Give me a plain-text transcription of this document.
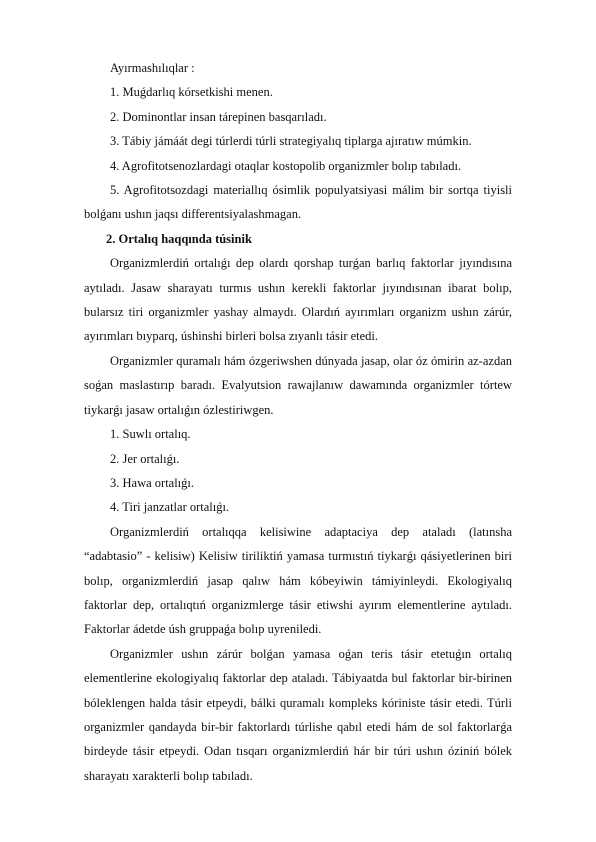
Ayırmashılıqlar :
1. Muǵdarlıq kórsetkishi menen.
2. Dominontlar insan tárepinen basqarıladı.
3. Tábiy jámáát degi túrlerdi túrli strategiyalıq tiplarga ajıratıw múmkin.
4. Agrofitotsenozlardagi otaqlar kostopolib organizmler bolıp tabıladı.
5. Agrofitotsozdagi materiallıq ósimlik populyatsiyasi málim bir sortqa tiyisli bolǵanı ushın jaqsı differentsiyalashmagan.
2. Ortalıq haqqında túsinik
Organizmlerdiń ortalıǵı dep olardı qorshap turǵan barlıq faktorlar jıyındısına aytıladı. Jasaw sharayatı turmıs ushın kerekli faktorlar jıyındısınan ibarat bolıp, bularsız tiri organizmler yashay almaydı. Olardıń ayırımları organizm ushın zárúr, ayırımları bıyparq, úshinshi birleri bolsa zıyanlı tásir etedi.
Organizmler quramalı hám ózgeriwshen dúnyada jasap, olar óz ómirin az-azdan soǵan maslastırıp baradı. Evalyutsion rawajlanıw dawamında organizmler tórtew tiykarǵı jasaw ortalıǵın ózlestiriwgen.
1. Suwlı ortalıq.
2. Jer ortalıǵı.
3. Hawa ortalıǵı.
4. Tiri janzatlar ortalıǵı.
Organizmlerdiń ortalıqqa kelisiwine adaptaciya dep ataladı (latınsha “adabtasio” - kelisiw) Kelisiw tiriliktiń yamasa turmıstıń tiykarǵı qásiyetlerinen biri bolıp, organizmlerdiń jasap qalıw hám kóbeyiwin támiyinleydi. Ekologiyalıq faktorlar dep, ortalıqtıń organizmlerge tásir etiwshi ayırım elementlerine aytıladı. Faktorlar ádetde úsh gruppaǵa bolıp uyreniledi.
Organizmler ushın zárúr bolǵan yamasa oǵan teris tásir etetuǵın ortalıq elementlerine ekologiyalıq faktorlar dep ataladı. Tábiyaatda bul faktorlar bir-birinen bóleklengen halda tásir etpeydi, bálki quramalı kompleks kóriniste tásir etedi. Túrli organizmler qandayda bir-bir faktorlardı túrlishe qabıl etedi hám de sol faktorlarǵa birdeyde tásir etpeydi. Odan tısqarı organizmlerdiń hár bir túri ushın óziniń bólek sharayatı xarakterli bolıp tabıladı.
